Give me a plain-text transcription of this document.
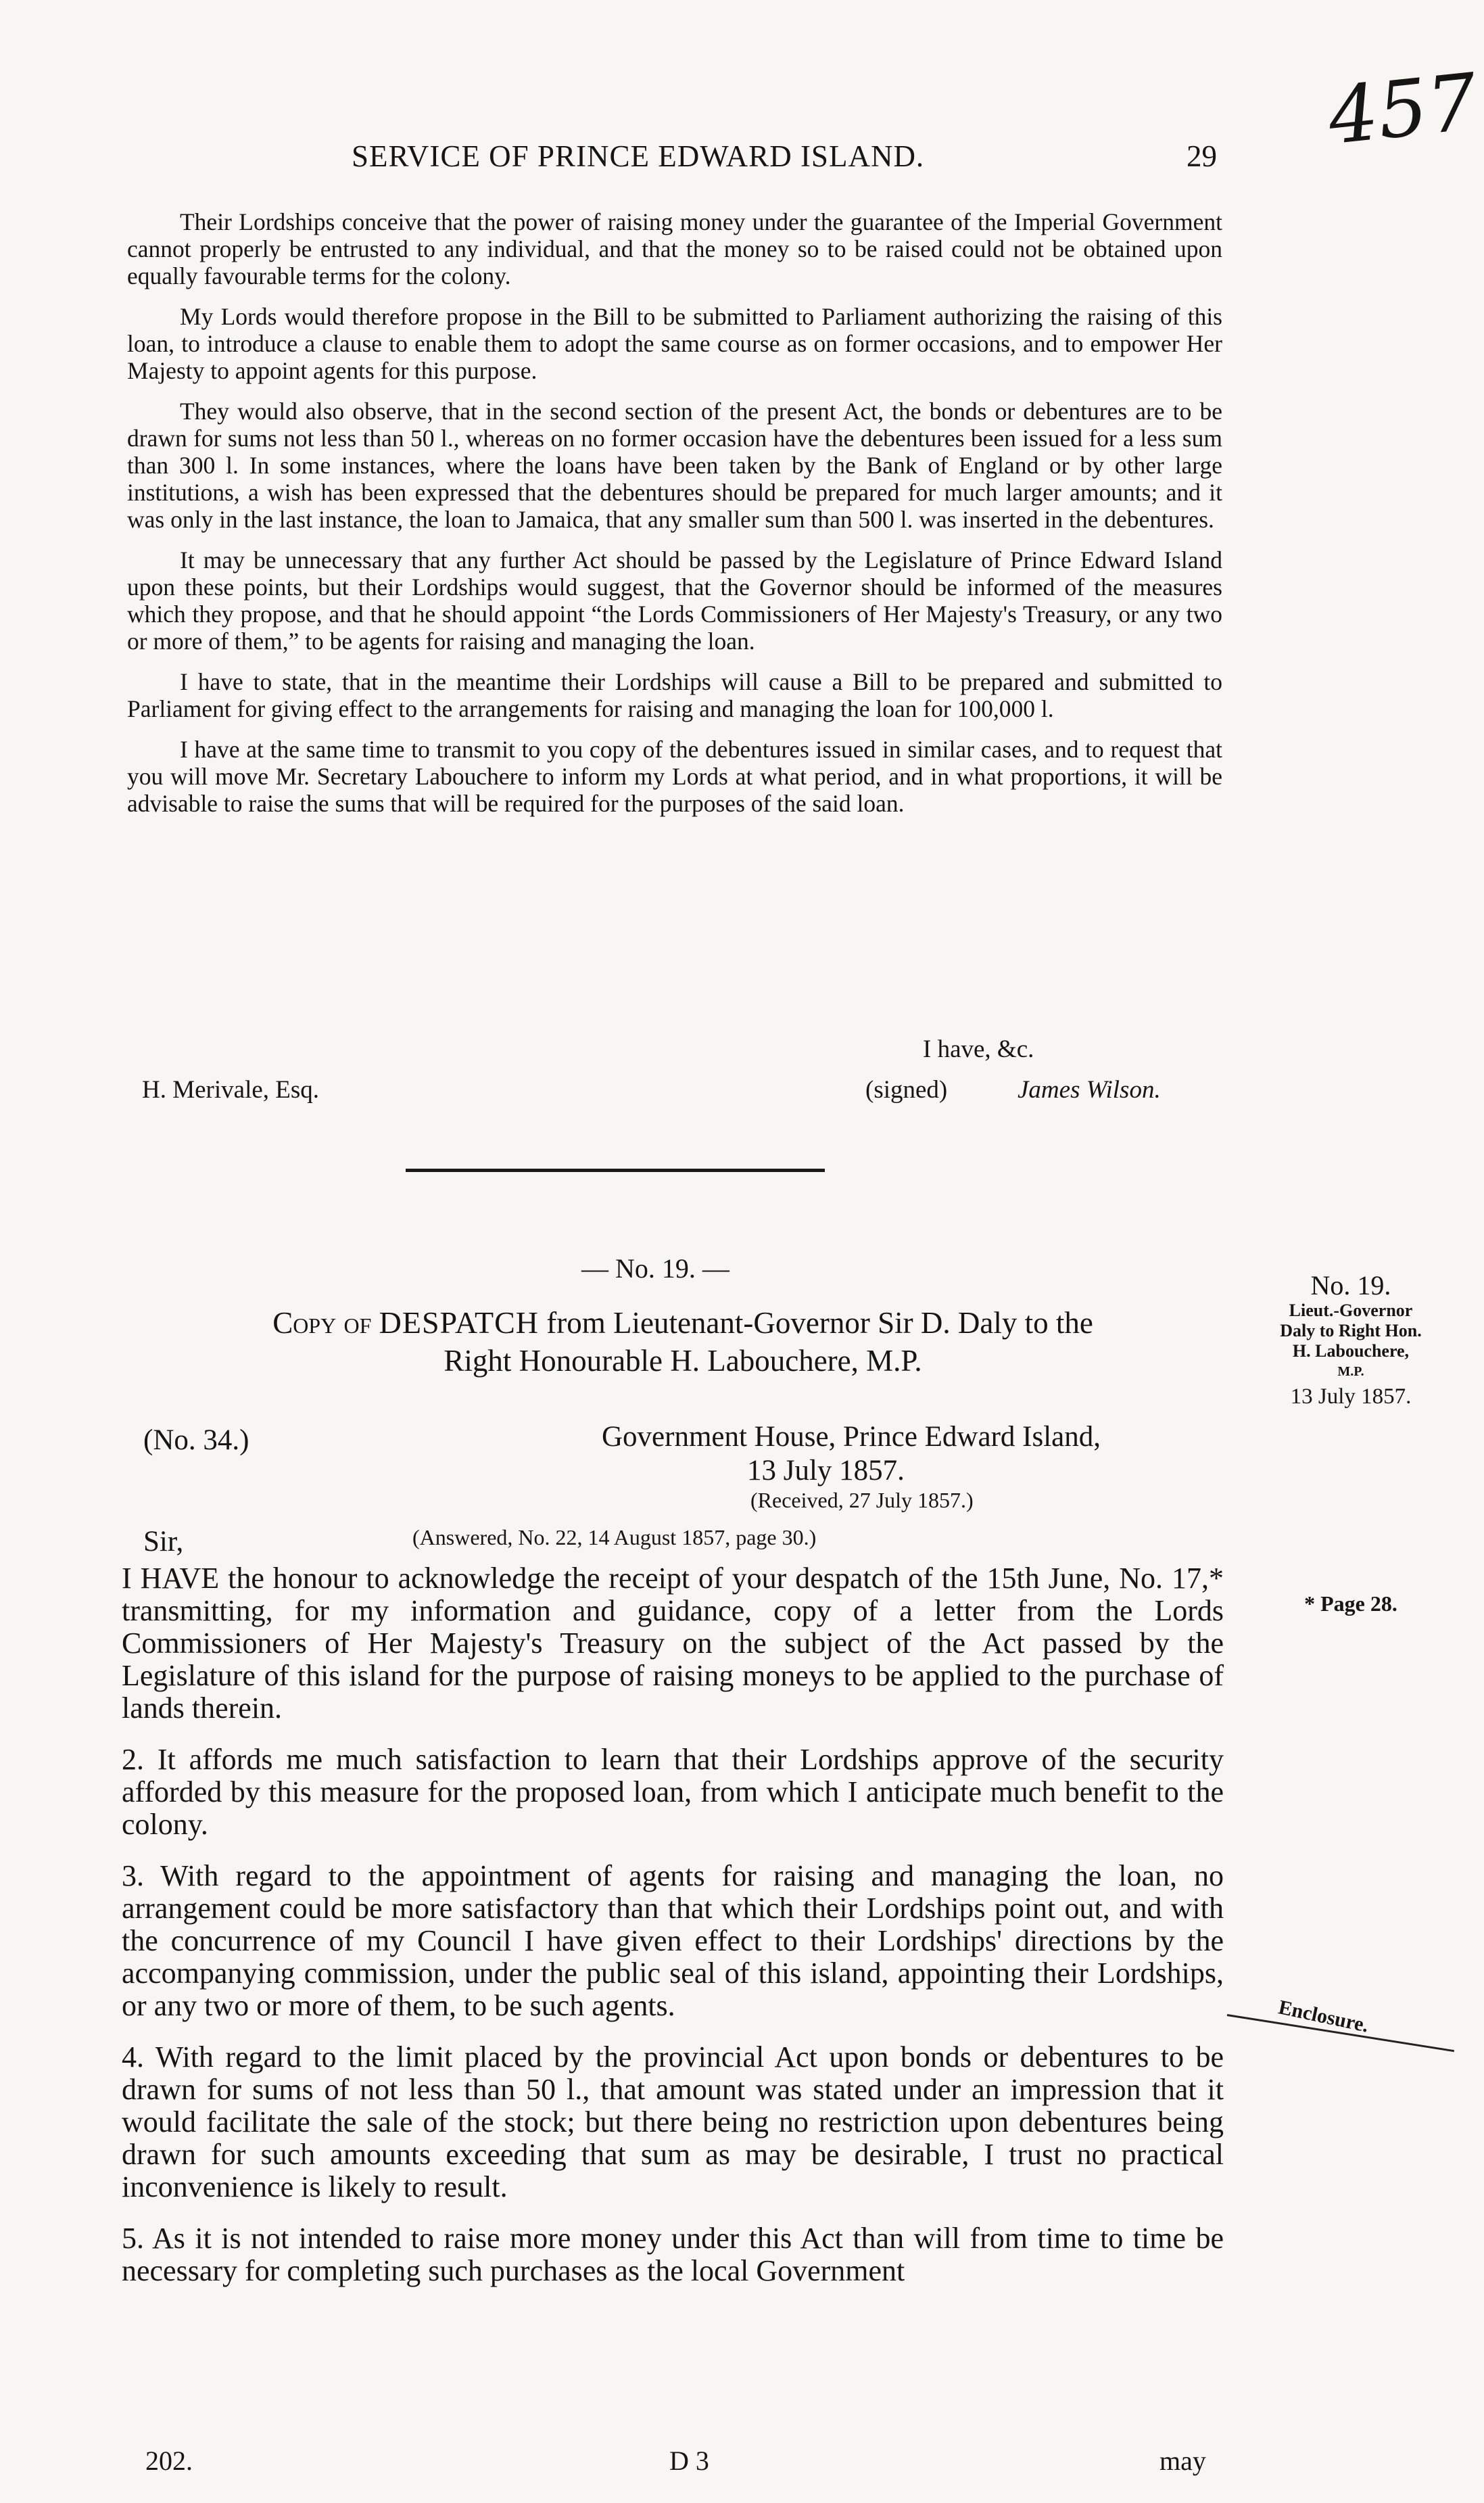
457
SERVICE OF PRINCE EDWARD ISLAND.	29

Their Lordships conceive that the power of raising money under the guarantee of the Imperial Government cannot properly be entrusted to any individual, and that the money so to be raised could not be obtained upon equally favourable terms for the colony.

My Lords would therefore propose in the Bill to be submitted to Parliament authorizing the raising of this loan, to introduce a clause to enable them to adopt the same course as on former occasions, and to empower Her Majesty to appoint agents for this purpose.

They would also observe, that in the second section of the present Act, the bonds or debentures are to be drawn for sums not less than 50 l., whereas on no former occasion have the debentures been issued for a less sum than 300 l. In some instances, where the loans have been taken by the Bank of England or by other large institutions, a wish has been expressed that the debentures should be prepared for much larger amounts; and it was only in the last instance, the loan to Jamaica, that any smaller sum than 500 l. was inserted in the debentures.

It may be unnecessary that any further Act should be passed by the Legislature of Prince Edward Island upon these points, but their Lordships would suggest, that the Governor should be informed of the measures which they propose, and that he should appoint “the Lords Commissioners of Her Majesty's Treasury, or any two or more of them,” to be agents for raising and managing the loan.

I have to state, that in the meantime their Lordships will cause a Bill to be prepared and submitted to Parliament for giving effect to the arrangements for raising and managing the loan for 100,000 l.

I have at the same time to transmit to you copy of the debentures issued in similar cases, and to request that you will move Mr. Secretary Labouchere to inform my Lords at what period, and in what proportions, it will be advisable to raise the sums that will be required for the purposes of the said loan.

I have, &c.
H. Merivale, Esq.	(signed)	James Wilson.
— No. 19. —
Copy of DESPATCH from Lieutenant-Governor Sir D. Daly to the
Right Honourable H. Labouchere, M.P.
No. 19.
Lieut.-Governor
Daly to Right Hon.
H. Labouchere,
M.P.
13 July 1857.
(No. 34.)	Government House, Prince Edward Island,
13 July 1857.
(Received, 27 July 1857.)
(Answered, No. 22, 14 August 1857, page 30.)
Sir,

I HAVE the honour to acknowledge the receipt of your despatch of the 15th June, No. 17,* transmitting, for my information and guidance, copy of a letter from the Lords Commissioners of Her Majesty's Treasury on the subject of the Act passed by the Legislature of this island for the purpose of raising moneys to be applied to the purchase of lands therein.

2. It affords me much satisfaction to learn that their Lordships approve of the security afforded by this measure for the proposed loan, from which I anticipate much benefit to the colony.

3. With regard to the appointment of agents for raising and managing the loan, no arrangement could be more satisfactory than that which their Lordships point out, and with the concurrence of my Council I have given effect to their Lordships' directions by the accompanying commission, under the public seal of this island, appointing their Lordships, or any two or more of them, to be such agents.

4. With regard to the limit placed by the provincial Act upon bonds or debentures to be drawn for sums of not less than 50 l., that amount was stated under an impression that it would facilitate the sale of the stock; but there being no restriction upon debentures being drawn for such amounts exceeding that sum as may be desirable, I trust no practical inconvenience is likely to result.

5. As it is not intended to raise more money under this Act than will from time to time be necessary for completing such purchases as the local Government

* Page 28.
Enclosure.
202.	D 3	may
